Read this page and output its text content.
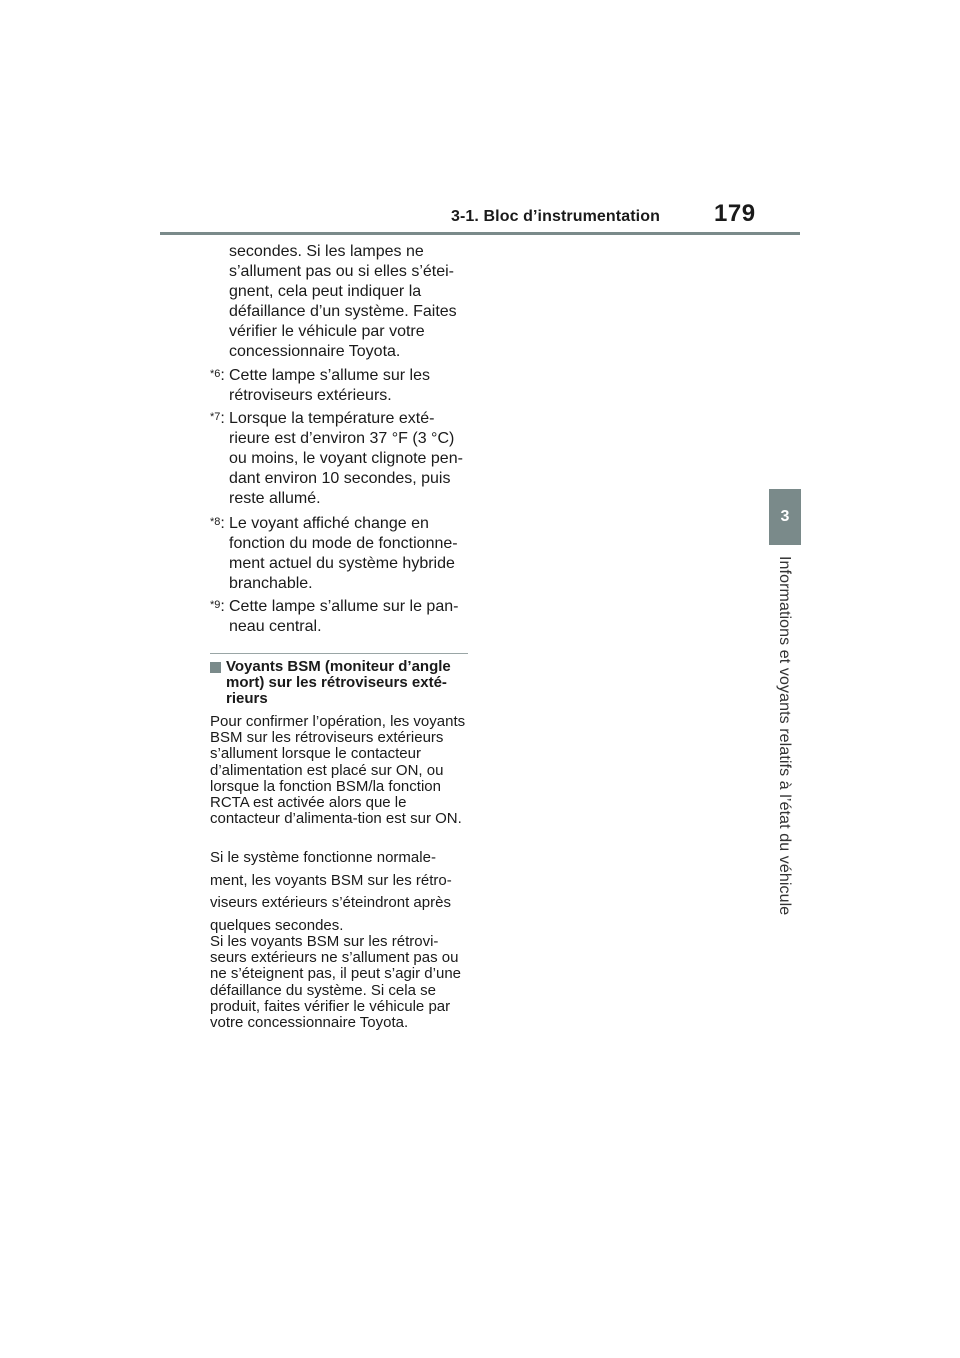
3-1. Bloc d’instrumentation 179
3
Informations et voyants relatifs à l’état du véhicule
secondes. Si les lampes ne s’allument pas ou si elles s’étei-gnent, cela peut indiquer la défaillance d’un système. Faites vérifier le véhicule par votre concessionnaire Toyota.
$^{*6}$: Cette lampe s’allume sur les rétroviseurs extérieurs.
$^{*7}$: Lorsque la température exté-rieure est d’environ 37 °F (3 °C) ou moins, le voyant clignote pen-dant environ 10 secondes, puis reste allumé.
$^{*8}$: Le voyant affiché change en fonction du mode de fonctionne-ment actuel du système hybride branchable.
$^{*9}$: Cette lampe s’allume sur le pan-neau central.
Voyants BSM (moniteur d’angle mort) sur les rétroviseurs exté-rieurs
Pour confirmer l’opération, les voyants BSM sur les rétroviseurs extérieurs s’allument lorsque le contacteur d’alimentation est placé sur ON, ou lorsque la fonction BSM/la fonction RCTA est activée alors que le contacteur d’alimenta-tion est sur ON.
Si le système fonctionne normale-ment, les voyants BSM sur les rétro-viseurs extérieurs s’éteindront après quelques secondes.
Si les voyants BSM sur les rétrovi-seurs extérieurs ne s’allument pas ou ne s’éteignent pas, il peut s’agir d’une défaillance du système. Si cela se produit, faites vérifier le véhicule par votre concessionnaire Toyota.
